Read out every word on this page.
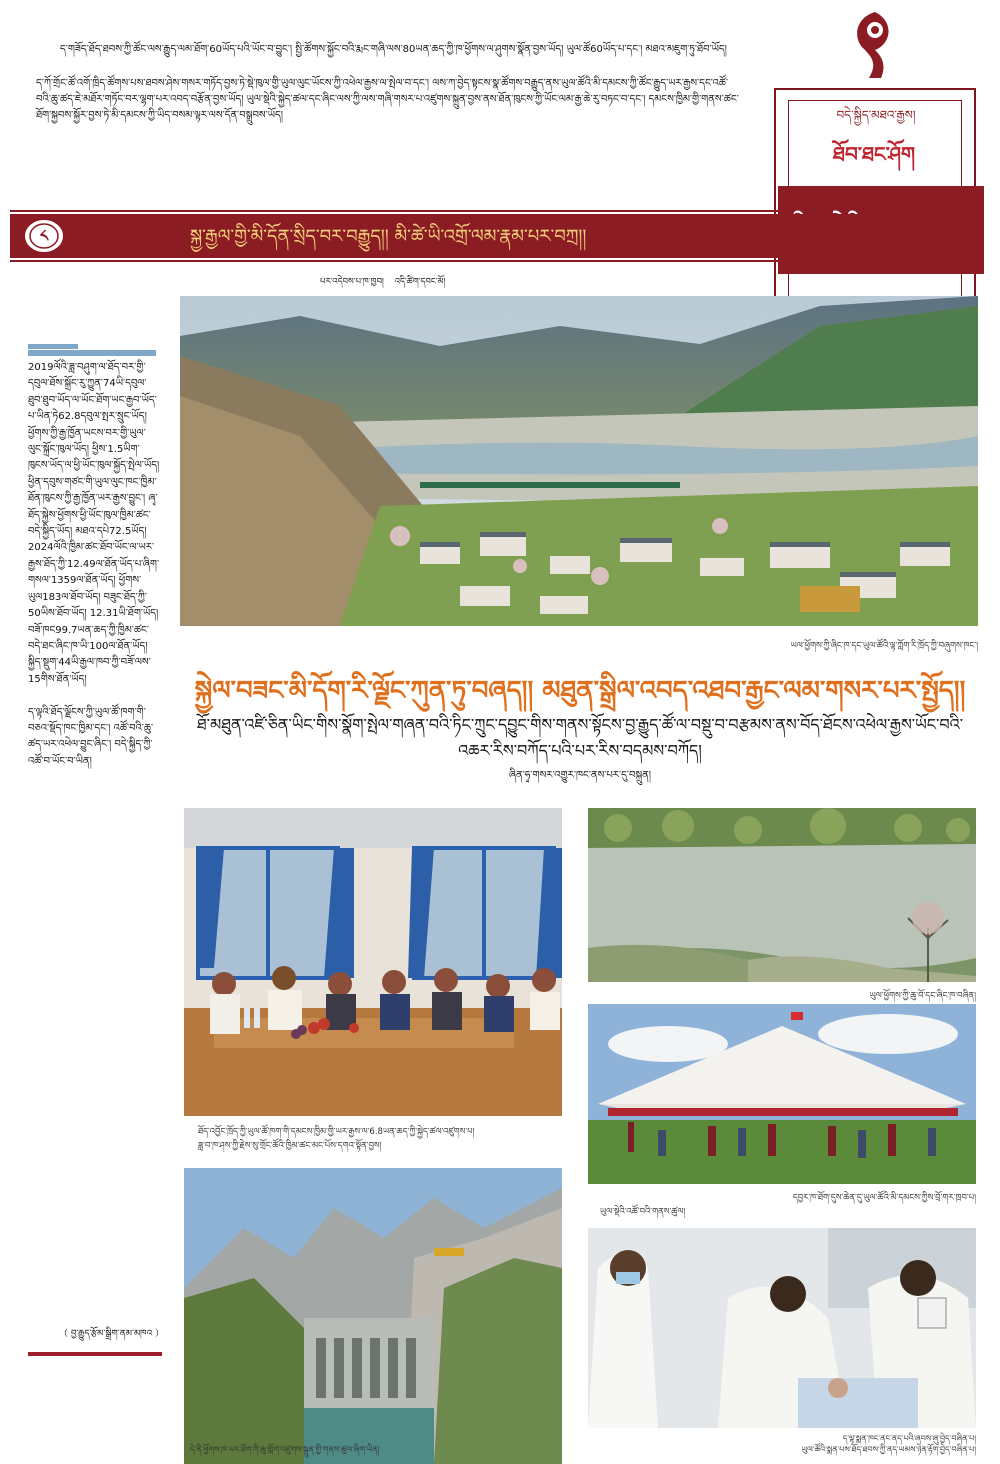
ད་གཟོད་ཐོད་ཐབས་ཀྱི་ཚོང་ལས་རྒྱུད་ལམ་ཐོག་60ཡོད་པའི་ཡོང་བ་བྱུང་། སྤྱི་ཚོགས་སྐྱོང་བའི་རྨང་གཞི་ལས་80ཡན་ཆད་ཀྱི་ཁ་ཕྱོགས་ལ་ཤུགས་སྣོན་བྱས་ཡོད། ཡུལ་ཚོ60ཡོད་པ་དང་། མཐའ་མཇུག་ཏུ་ཐོབ་ཡོད།
ད་ཀོ་གྲོང་ཚོ་འགོ་ཁྲིད་ཚོགས་པས་ཐབས་ཤེས་གསར་གཏོད་བྱས་ཏེ་སྡེ་ཁུལ་གྱི་ཡུལ་ལུང་ཡོངས་ཀྱི་འཕེལ་རྒྱས་ལ་སྤེལ་བ་དང་། ལས་ཀ་བྱེད་སྟངས་སྣ་ཚོགས་བརྒྱུད་ནས་ཡུལ་ཚོའི་མི་དམངས་ཀྱི་ཚོང་རྒྱུད་ཡར་རྒྱས་དང་འཚོ་བའི་ཆུ་ཚད་ཇེ་མཐོར་གཏོང་བར་ལྷག་པར་འབད་བརྩོན་བྱས་ཡོད། ཡུལ་སྡེའི་སྐྱེད་ཚལ་དང་ཞིང་ལས་ཀྱི་ལས་གཞི་གསར་པ་འཛུགས་སྐྲུན་བྱས་ནས་ཐོན་ཁུངས་ཀྱི་ཡོང་ལམ་རྒྱ་ཆེ་རུ་བཏང་བ་དང་། དམངས་ཁྱིམ་གྱི་གནས་ཚང་ཐོག་སྐྱབས་སྐྱོར་བྱས་ཏེ་མི་དམངས་ཀྱི་ཡིད་བསམ་ལྟར་ལས་དོན་བསྒྲུབས་ཡོད།	བདེ་སྐྱིད་མཐའ་རྒྱས།
ཐོབ་ཐང་ཤོག
༨	སྐྱ་རྒྱལ་གྱི་མི་དོན་སྲིད་བར་བརྒྱུད།། མི་ཚེ་ཡི་འགྲོ་ལམ་རྣམ་པར་བཀྲ།།
པར་འདེབས་པ་ཁ་ཁྱབ།    འདི་ཚིག་དབང་མོ།
ཡལ་ཕྱོགས་ཀྱི་ཞིང་ཁ་དང་ཡུལ་ཚོའི་ལྟ་ཀློག་རི་ཁྲོད་ཀྱི་བཞུགས་ཁང་།
སྐྱེལ་བཟང་མི་དོག་རི་ལྗོང་ཀུན་ཏུ་བཞད།། མཐུན་སྒྲིལ་འབད་འཐབ་རྒྱང་ལམ་གསར་པར་སྤྱོད།།
ཐོ་མཐུན་འཛི་ཅིན་ཡིང་གིས་སྣོག་སྤེལ་གཞན་བའི་ཏིང་ཀྲུང་དབྱུང་གིས་གནས་སྟོངས་བྱ་རྒྱུད་ཚོ་ལ་བསྡུ་བ་བརྩམས་ནས་བོད་ཐོངས་འཕེལ་རྒྱས་ཡོང་བའི་འཆར་རིས་བཀོད་པའི་པར་རིས་བདམས་བཀོད།
ཞིན་ཧྭ་གསར་འགྱུར་ཁང་ནས་པར་དུ་བསྐྲུན།
2019ལོའི་ཟླ་བཤུག་ལ་ཐོད་བར་གྱི་དབུལ་ཐོས་སྐྲོང་རུ་ཀྱུན་74ཡི་དབུལ་ཐུབ་ཐུབ་ཡོད་ལ་ཡོང་ཐོག་ཡང་རྒྱབ་ཡོད་པ་ཡིན་ཏེ62.8དབུལ་སྤར་སྲུང་ཡོད། ཕྱོགས་ཀྱི་རྒྱ་ཁྱོན་ཡངས་བར་གྱི་ཡུལ་ལུང་སྐྲོང་ཁུལ་ཡོད། ཕྱིས་1.5ཡིག་ཁུངས་ཡོད་ལ་ཕྱི་ཡོང་ཁུལ་སྐྱོད་སྤེལ་ཡོད། ཕྱིན་དབུས་གཙང་གི་ཡུལ་ལུང་ཁང་ཁྱིམ་ཐོན་ཁུངས་ཀྱི་རྒྱ་ཁྱོན་ཡར་རྒྱས་བྱུང་། ཞྭ་ཐོད་སྐྱེས་ཕྱོགས་ཕྱི་ཡོང་ཁུལ་ཁྱིམ་ཚང་བདེ་སྐྱིད་ཡོད། མཐའ་དཔེ72.5ཡོད། 2024ལོའི་ཁྱིམ་ཚང་ཐོབ་ཡོང་ལ་ཡར་རྒྱས་ཐོད་ཀྱི་12.49ལ་ཐོན་ཡོད་པ་ཞིག་གསལ་1359ལ་ཐོན་ཡོད། ཕྱོགས་ཡུལ183ལ་ཐོབ་ཡོད། བཟུང་ཐོད་ཀྱི་50ཡིས་ཐོབ་ཡོད། 12.31ཡི་ཐོག་ཡོད། བཟོ་ཁང99.7ཡན་ཆད་ཀྱི་ཁྱིམ་ཚང་བདེ་ཐང་ཞིང་ཁ་ཡི་100ལ་ཐོན་ཡོད། སྐྱིད་སྡུག་44ཡི་རྒྱལ་ཁབ་ཀྱི་བཟོ་ལས་15གིས་ཐོན་ཡོད།

ད་ལྟའི་ཐོད་ལྗོངས་ཀྱི་ཡུལ་ཚོ་ཁག་གི་བཅའ་སྡོད་ཁང་ཁྱིམ་དང་། འཚོ་བའི་ཆུ་ཚད་ཡར་འཕེལ་བྱུང་ཞིང་། བདེ་སྐྱིད་ཀྱི་འཚོ་བ་ཡོང་བ་ཡིན།
（ བྱ་རྒྱུད་རྩོམ་སྒྲིག་ནམ་མཁའ ）
ཐོད་འབྱོང་ཁྲོད་ཀྱི་ཡུལ་ཚོ་ཁག་གི་དམངས་ཁྱིམ་གྱི་ཡར་རྒྱས་ལ་6.8ཡན་ཆད་ཀྱི་སྐྱེད་ཚལ་འཛུགས་པ།
ཟླ་བ་ཁ་ཤས་ཀྱི་རྗེས་སུ་གྲོང་ཚོའི་ཁྱིམ་ཚང་མང་པོས་དགའ་སྟོན་བྱས།
ཡུལ་ཕྱོགས་ཀྱི་ཆུ་བོ་དང་ཞིང་ཁ་བཞིན།
དབྱར་ཁ་ཐོག་དུས་ཆེན་དུ་ཡུལ་ཚོའི་མི་དམངས་ཀྱིས་བྲོ་གར་ཁྲབ་པ།
ཡུལ་སྡེའི་འཚོ་བའི་གནས་ཚུལ།
ད་ལྟ་སྨན་ཁང་ནང་ནད་པའི་ཞབས་ཞུ་བྱེད་བཞིན་པ།
ཡུལ་ཚོའི་སྨན་པས་ཐོད་ཐབས་ཀྱི་ནད་ཡམས་ཉེན་རྟོག་བྱེད་བཞིན་པ།
དེ་ནི་ཕྱོགས་ཁ་ཡར་ཐོག་གི་ཆུ་གློག་འཛུགས་སྐྲུན་གྱི་གནས་ཚུལ་ཞིག་ཡིན།
